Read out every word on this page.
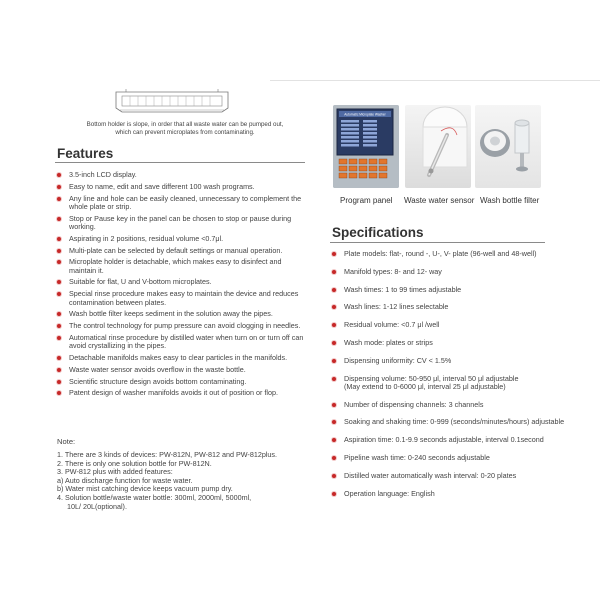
Bottom holder is slope, in order that all waste water can be pumped out, which can prevent microplates from contaminating.
Features
3.5-inch LCD display.
Easy to name, edit and save different 100 wash programs.
Any line and hole can be easily cleaned, unnecessary to complement the whole plate or strip.
Stop or Pause key in the panel can be chosen to stop or pause during working.
Aspirating in 2 positions, residual volume <0.7μl.
Multi-plate can be selected by default settings or manual operation.
Microplate holder is detachable, which makes easy to disinfect and maintain it.
Suitable for flat, U and V-bottom microplates.
Special rinse procedure makes easy to maintain the device and reduces contamination between plates.
Wash bottle filter keeps sediment in the solution away the pipes.
The control technology for pump pressure can avoid clogging in needles.
Automatical rinse procedure by distilled water when turn on or turn off can avoid crystallizing in the pipes.
Detachable manifolds makes easy to clear particles in the manifolds.
Waste water sensor avoids overflow in the waste bottle.
Scientific structure design avoids bottom contaminating.
Patent design of washer manifolds avoids it out of position or flop.
Note:
1. There are 3 kinds of devices: PW-812N, PW-812 and PW-812plus.
2. There is only one solution bottle for PW-812N.
3. PW-812 plus with added features:
a) Auto discharge function for waste water.
b) Water mist catching device keeps vacuum pump dry.
4. Solution bottle/waste water bottle: 300ml, 2000ml, 5000ml,
10L/ 20L(optional).
Automatic Microplate Washer
Program panel Waste water sensor Wash bottle filter
Specifications
Plate models: flat-, round -, U-, V- plate (96-well and 48-well)
Manifold types: 8- and 12- way
Wash times: 1 to 99 times adjustable
Wash lines: 1-12 lines selectable
Residual volume: <0.7 μl /well
Wash mode: plates or strips
Dispensing uniformity: CV < 1.5%
Dispensing volume: 50-950 μl, interval 50 μl adjustable
(May extend to 0-6000 μl, interval 25 μl adjustable)
Number of dispensing channels: 3 channels
Soaking and shaking time: 0-999 (seconds/minutes/hours) adjustable
Aspiration time: 0.1-9.9 seconds adjustable, interval 0.1second
Pipeline wash time: 0-240 seconds adjustable
Distilled water automatically wash interval: 0-20 plates
Operation language: English
